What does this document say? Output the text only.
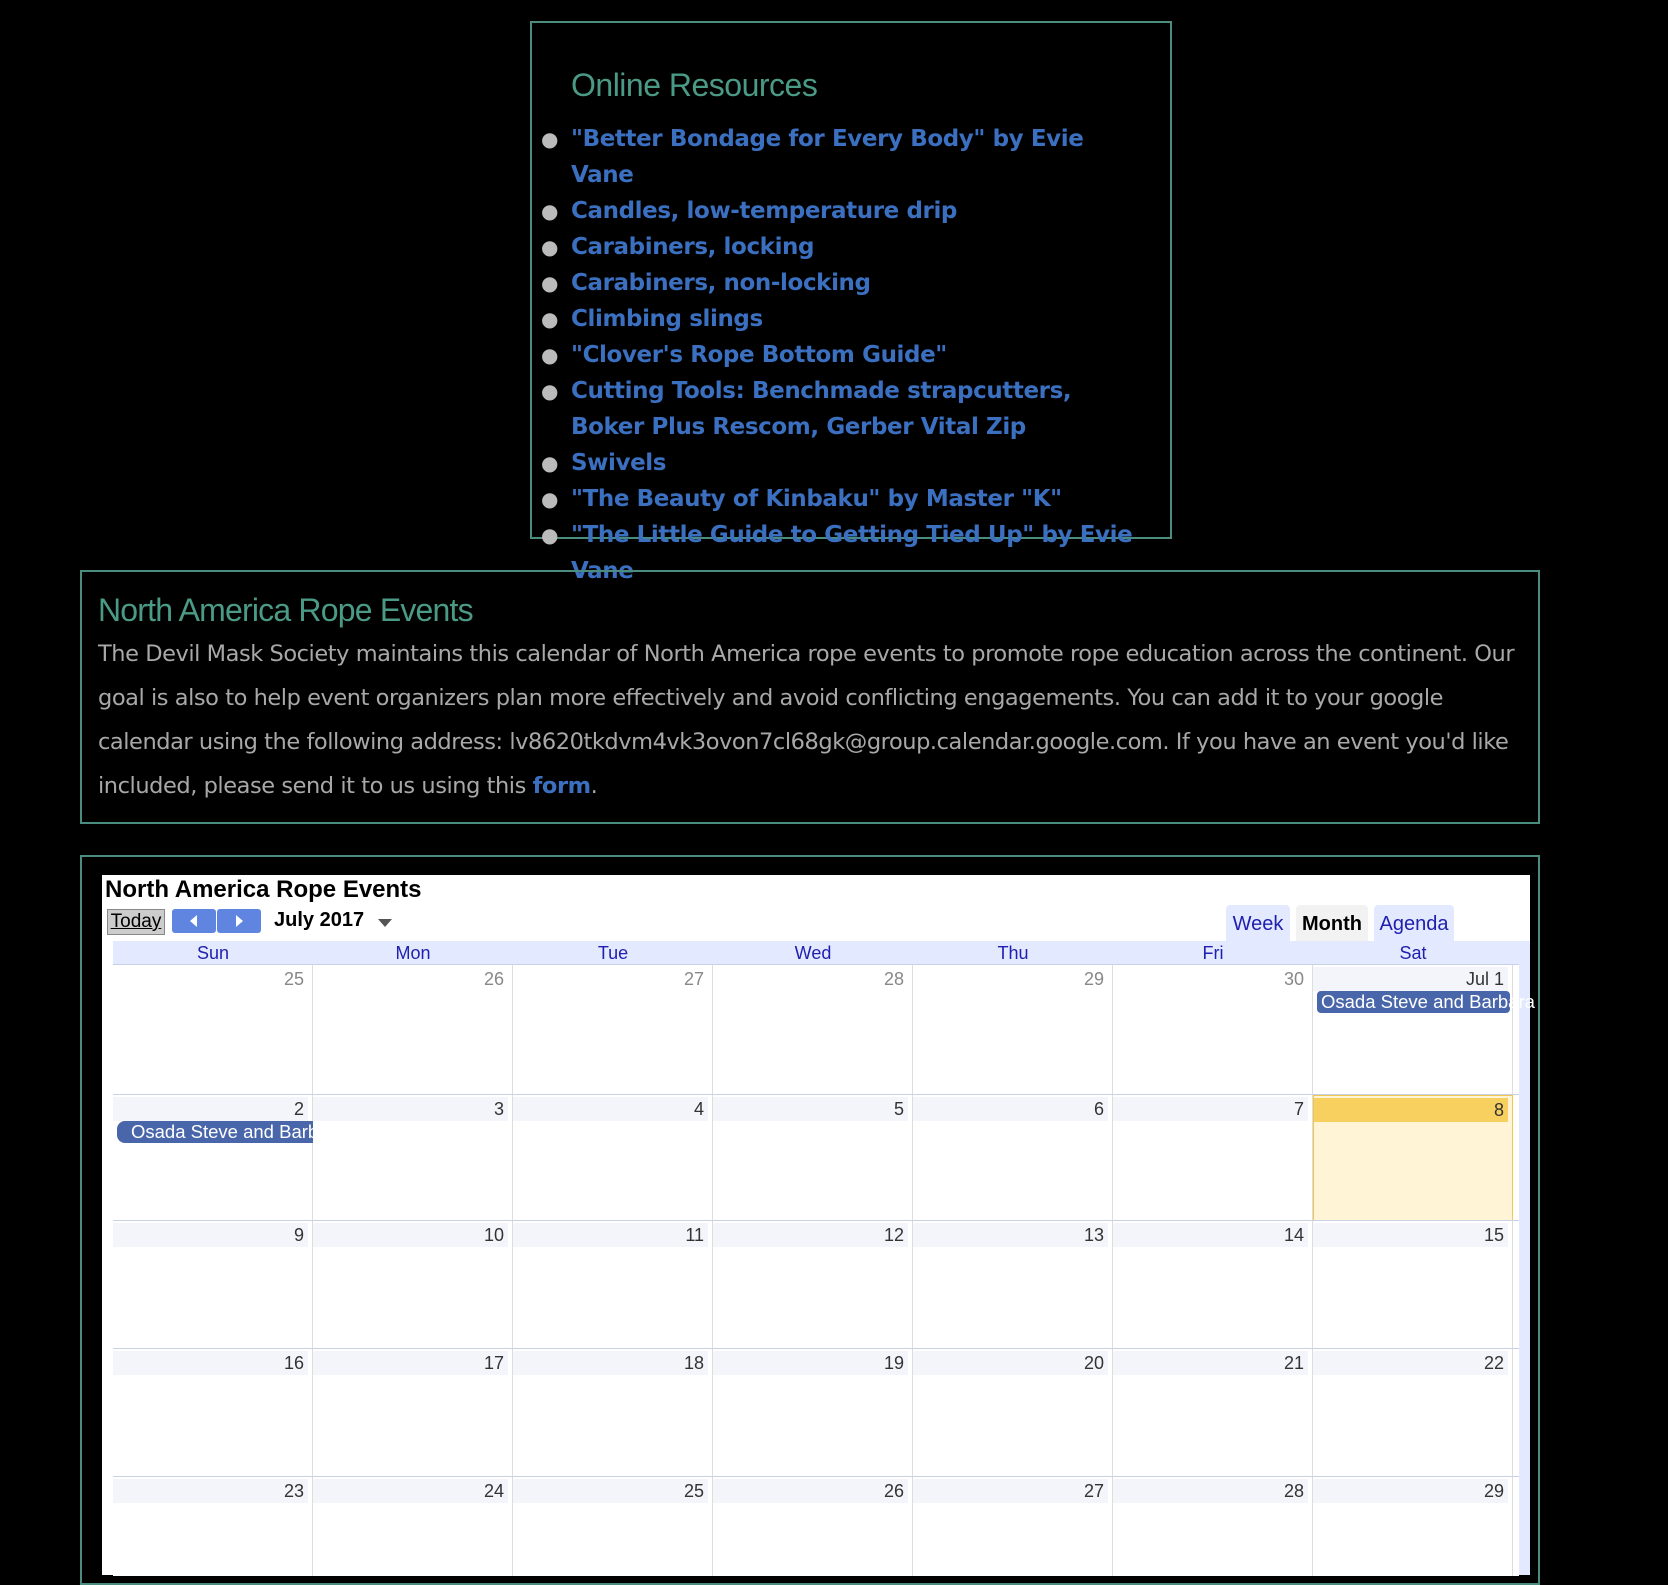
Online Resources
● "Better Bondage for Every Body" by Evie Vane
● Candles, low-temperature drip
● Carabiners, locking
● Carabiners, non-locking
● Climbing slings
● "Clover's Rope Bottom Guide"
● Cutting Tools: Benchmade strapcutters, Boker Plus Rescom, Gerber Vital Zip
● Swivels
● "The Beauty of Kinbaku" by Master "K"
● "The Little Guide to Getting Tied Up" by Evie Vane
North America Rope Events

The Devil Mask Society maintains this calendar of North America rope events to promote rope education across the continent. Our goal is also to help event organizers plan more effectively and avoid conflicting engagements. You can add it to your google calendar using the following address: lv8620tkdvm4vk3ovon7cl68gk@group.calendar.google.com. If you have an event you'd like included, please send it to us using this form.

North America Rope Events
Today	July 2017	Week Month Agenda
Sun	Mon	Tue	Wed	Thu	Fri	Sat
25	26	27	28	29	30	Jul 1
2	3	4	5	6	7	8
9	10	11	12	13	14	15
16	17	18	19	20	21	22
23	24	25	26	27	28	29
Osada Steve and Barbara
Osada Steve and Barbara
